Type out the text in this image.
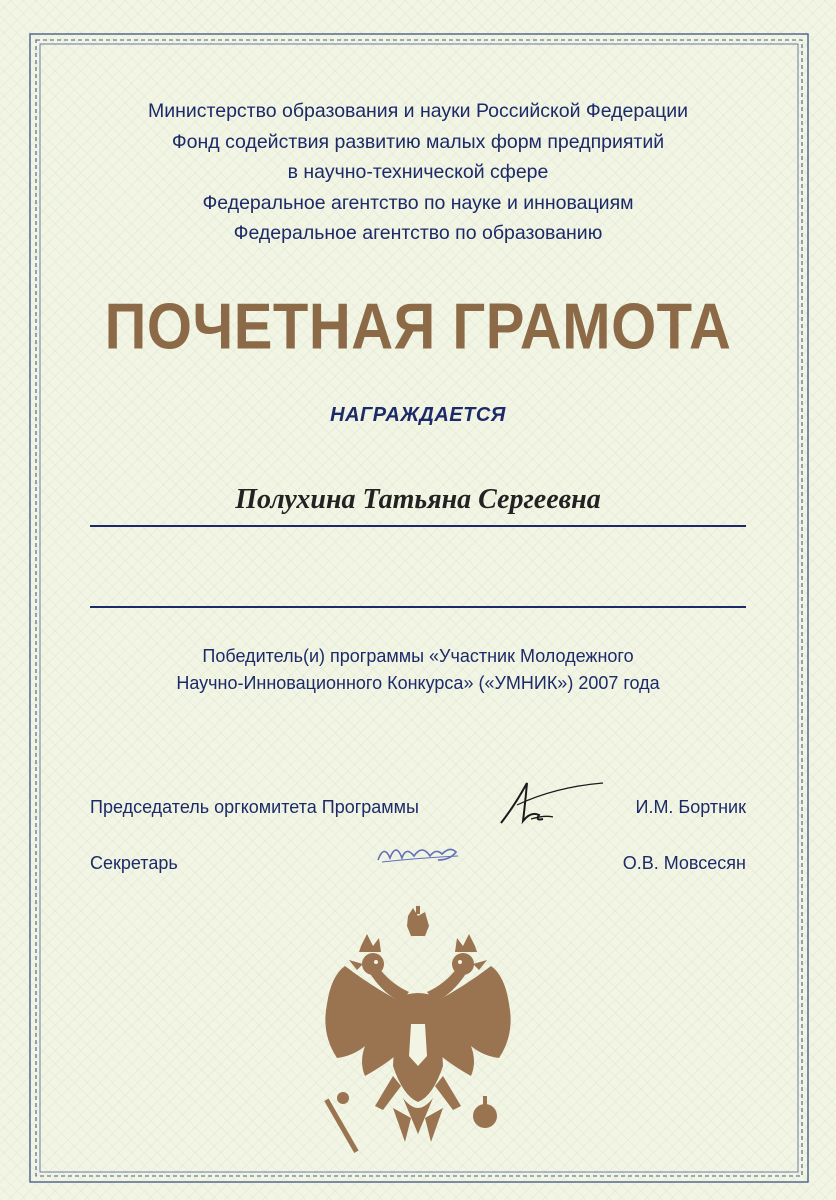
Министерство образования и науки Российской Федерации
Фонд содействия развитию малых форм предприятий
в научно-технической сфере
Федеральное агентство по науке и инновациям
Федеральное агентство по образованию
ПОЧЕТНАЯ ГРАМОТА
НАГРАЖДАЕТСЯ
Полухина Татьяна Сергеевна
Победитель(и) программы «Участник Молодежного
Научно-Инновационного Конкурса» («УМНИК») 2007 года
Председатель оргкомитета Программы	И.М. Бортник
Секретарь	О.В. Мовсесян
